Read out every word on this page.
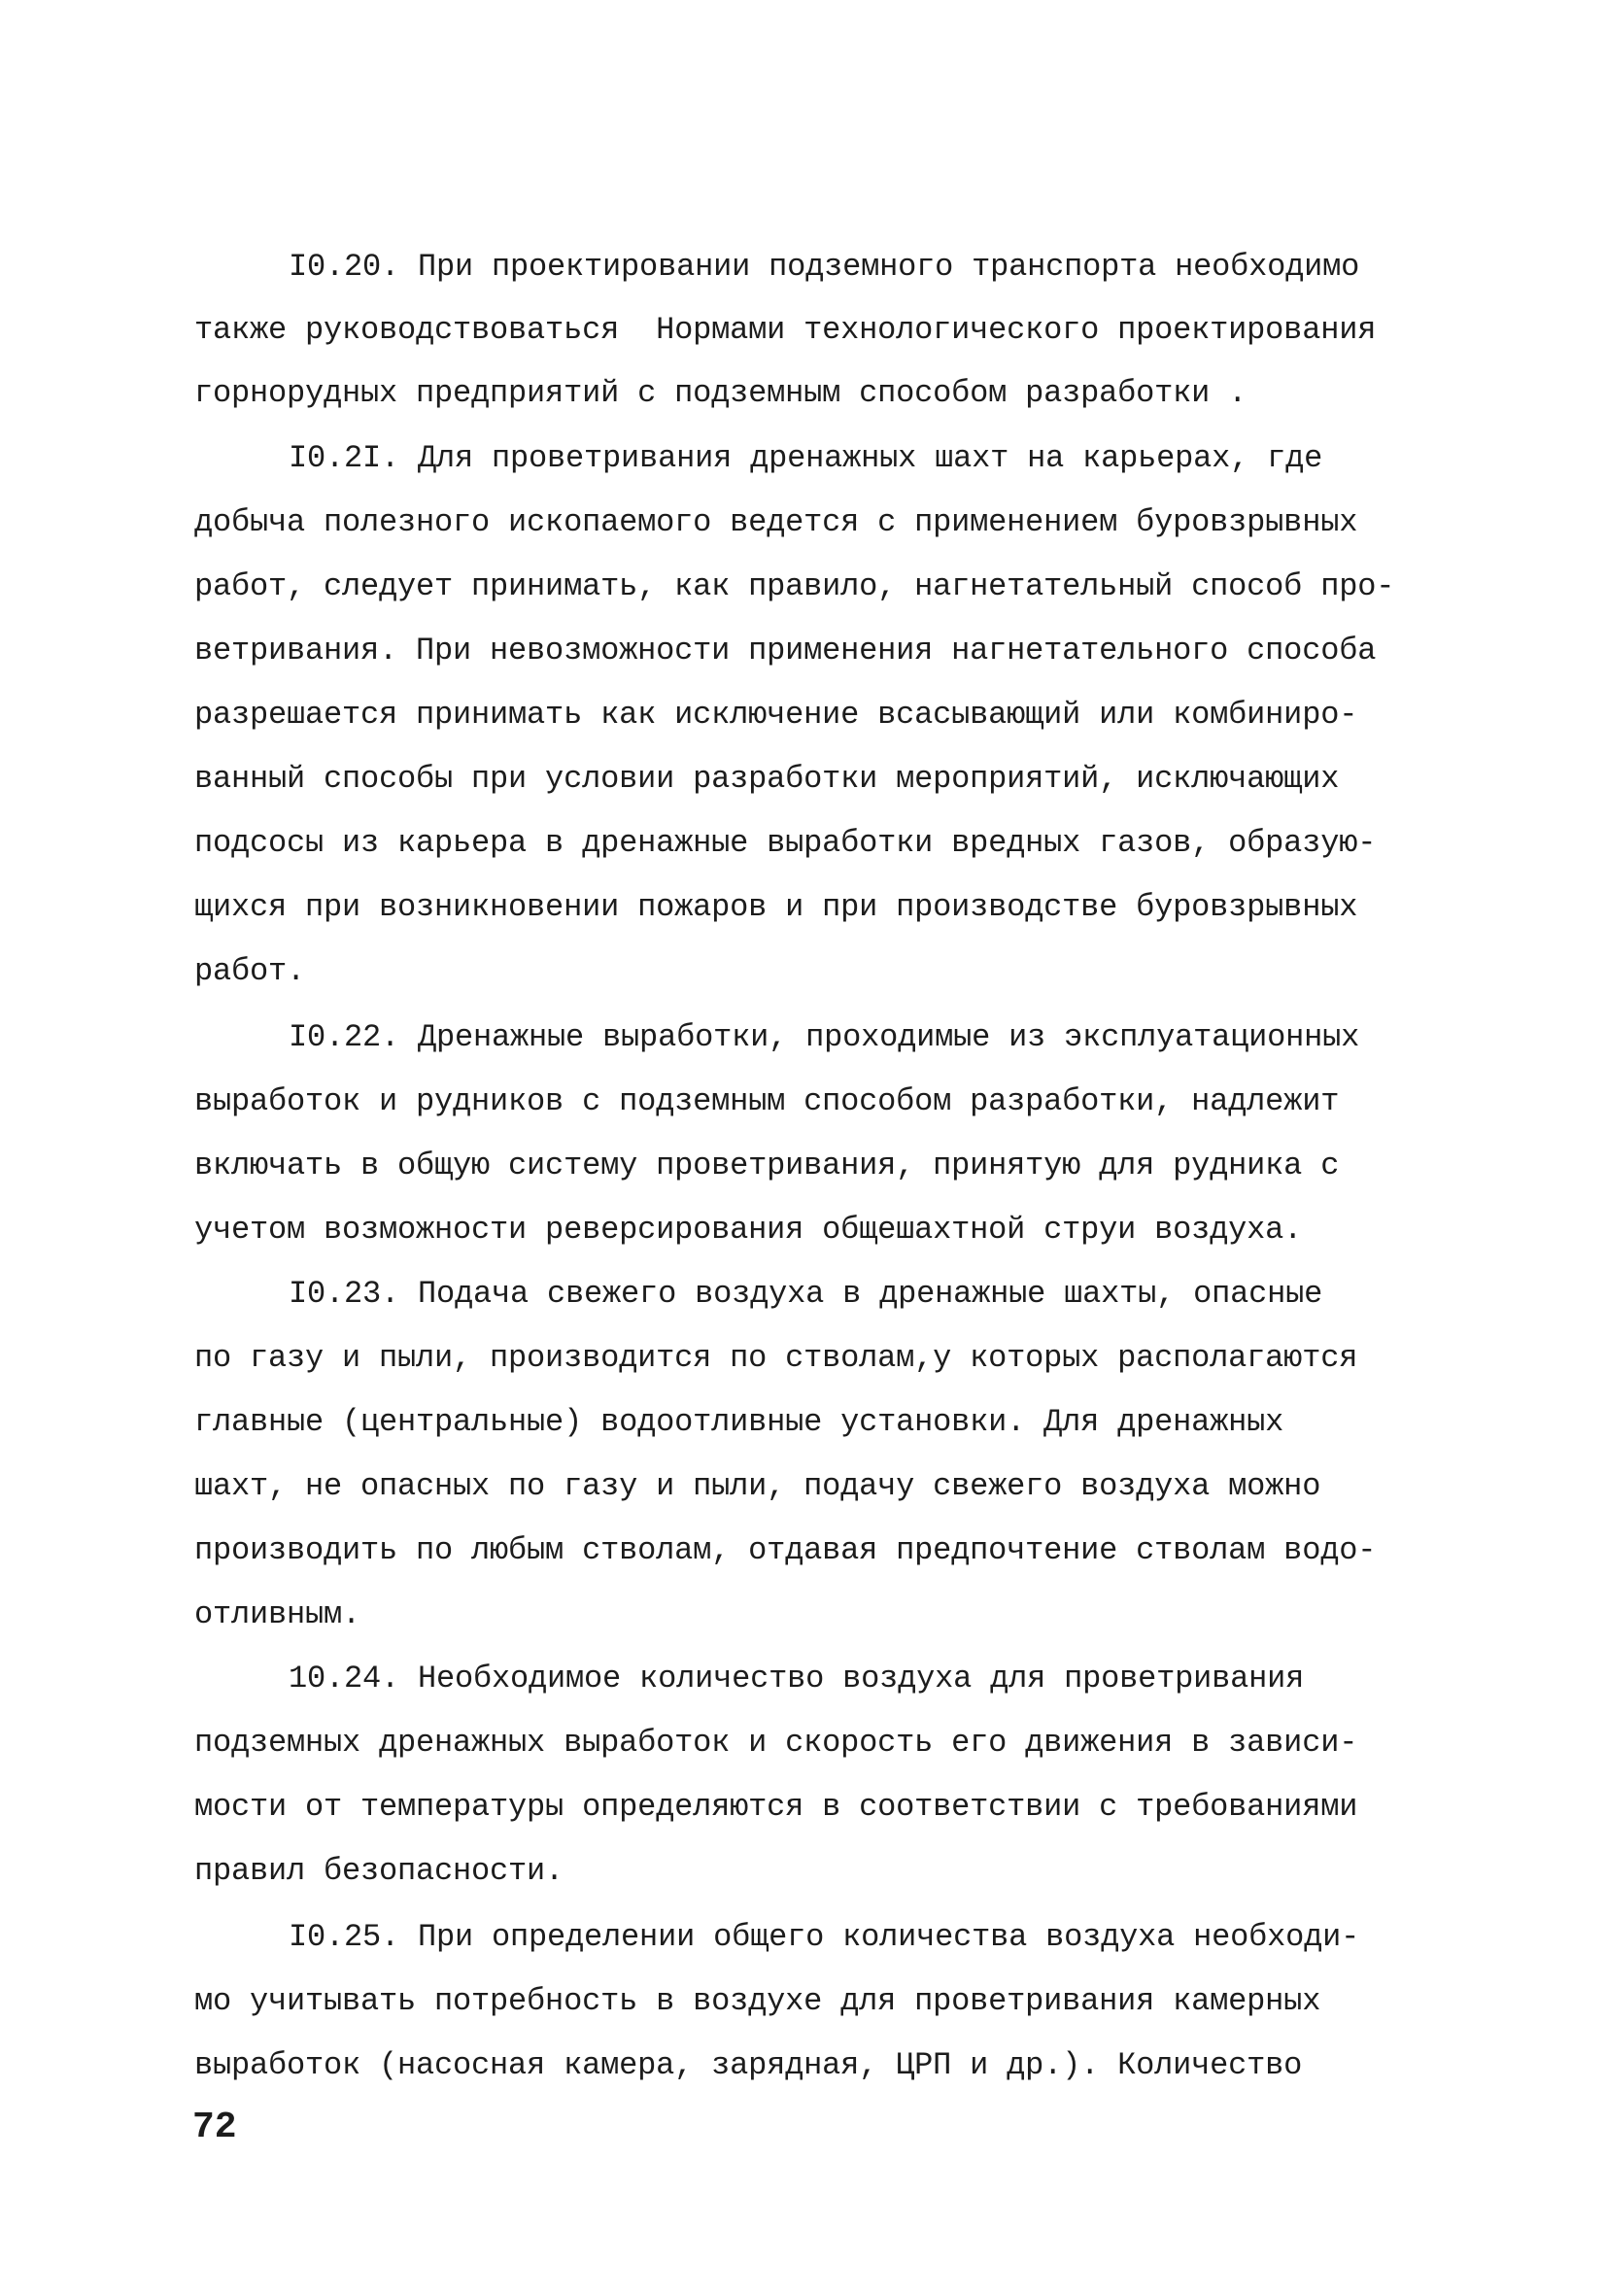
I0.20. При проектировании подземного транспорта необходимо
также руководствоваться  Нормами технологического проектирования
горнорудных предприятий с подземным способом разработки .
I0.2I. Для проветривания дренажных шахт на карьерах, где
добыча полезного ископаемого ведется с применением буровзрывных
работ, следует принимать, как правило, нагнетательный способ про-
ветривания. При невозможности применения нагнетательного способа
разрешается принимать как исключение всасывающий или комбиниро-
ванный способы при условии разработки мероприятий, исключающих
подсосы из карьера в дренажные выработки вредных газов, образую-
щихся при возникновении пожаров и при производстве буровзрывных
работ.
I0.22. Дренажные выработки, проходимые из эксплуатационных
выработок и рудников с подземным способом разработки, надлежит
включать в общую систему проветривания, принятую для рудника с
учетом возможности реверсирования общешахтной струи воздуха.
I0.23. Подача свежего воздуха в дренажные шахты, опасные
по газу и пыли, производится по стволам,у которых располагаются
главные (центральные) водоотливные установки. Для дренажных
шахт, не опасных по газу и пыли, подачу свежего воздуха можно
производить по любым стволам, отдавая предпочтение стволам водо-
отливным.
10.24. Необходимое количество воздуха для проветривания
подземных дренажных выработок и скорость его движения в зависи-
мости от температуры определяются в соответствии с требованиями
правил безопасности.
I0.25. При определении общего количества воздуха необходи-
мо учитывать потребность в воздухе для проветривания камерных
выработок (насосная камера, зарядная, ЦРП и др.). Количество
72
